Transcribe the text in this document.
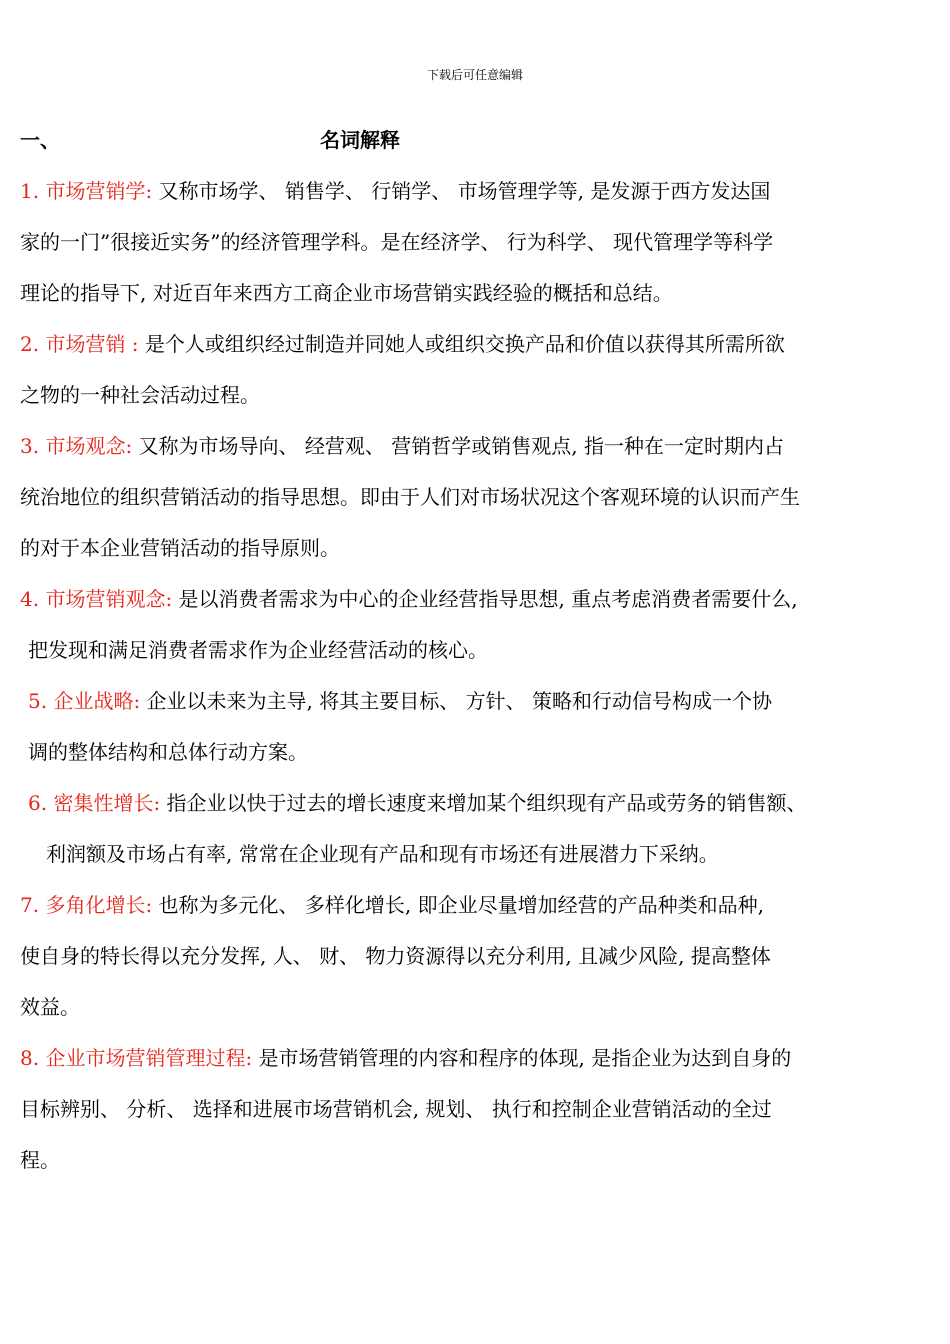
下载后可任意编辑
一、	名词解释
1. 市场营销学: 又称市场学、 销售学、 行销学、 市场管理学等, 是发源于西方发达国
家的一门”很接近实务”的经济管理学科。是在经济学、 行为科学、 现代管理学等科学
理论的指导下, 对近百年来西方工商企业市场营销实践经验的概括和总结。
2. 市场营销 : 是个人或组织经过制造并同她人或组织交换产品和价值以获得其所需所欲
之物的一种社会活动过程。
3. 市场观念: 又称为市场导向、 经营观、 营销哲学或销售观点, 指一种在一定时期内占
统治地位的组织营销活动的指导思想。即由于人们对市场状况这个客观环境的认识而产生
的对于本企业营销活动的指导原则。
4. 市场营销观念: 是以消费者需求为中心的企业经营指导思想, 重点考虑消费者需要什么,
把发现和满足消费者需求作为企业经营活动的核心。
5. 企业战略: 企业以未来为主导, 将其主要目标、 方针、 策略和行动信号构成一个协
调的整体结构和总体行动方案。
6. 密集性增长: 指企业以快于过去的增长速度来增加某个组织现有产品或劳务的销售额、
利润额及市场占有率, 常常在企业现有产品和现有市场还有进展潜力下采纳。
7. 多角化增长: 也称为多元化、 多样化增长, 即企业尽量增加经营的产品种类和品种,
使自身的特长得以充分发挥, 人、 财、 物力资源得以充分利用, 且减少风险, 提高整体
效益。
8. 企业市场营销管理过程: 是市场营销管理的内容和程序的体现, 是指企业为达到自身的
目标辨别、 分析、 选择和进展市场营销机会, 规划、 执行和控制企业营销活动的全过
程。
